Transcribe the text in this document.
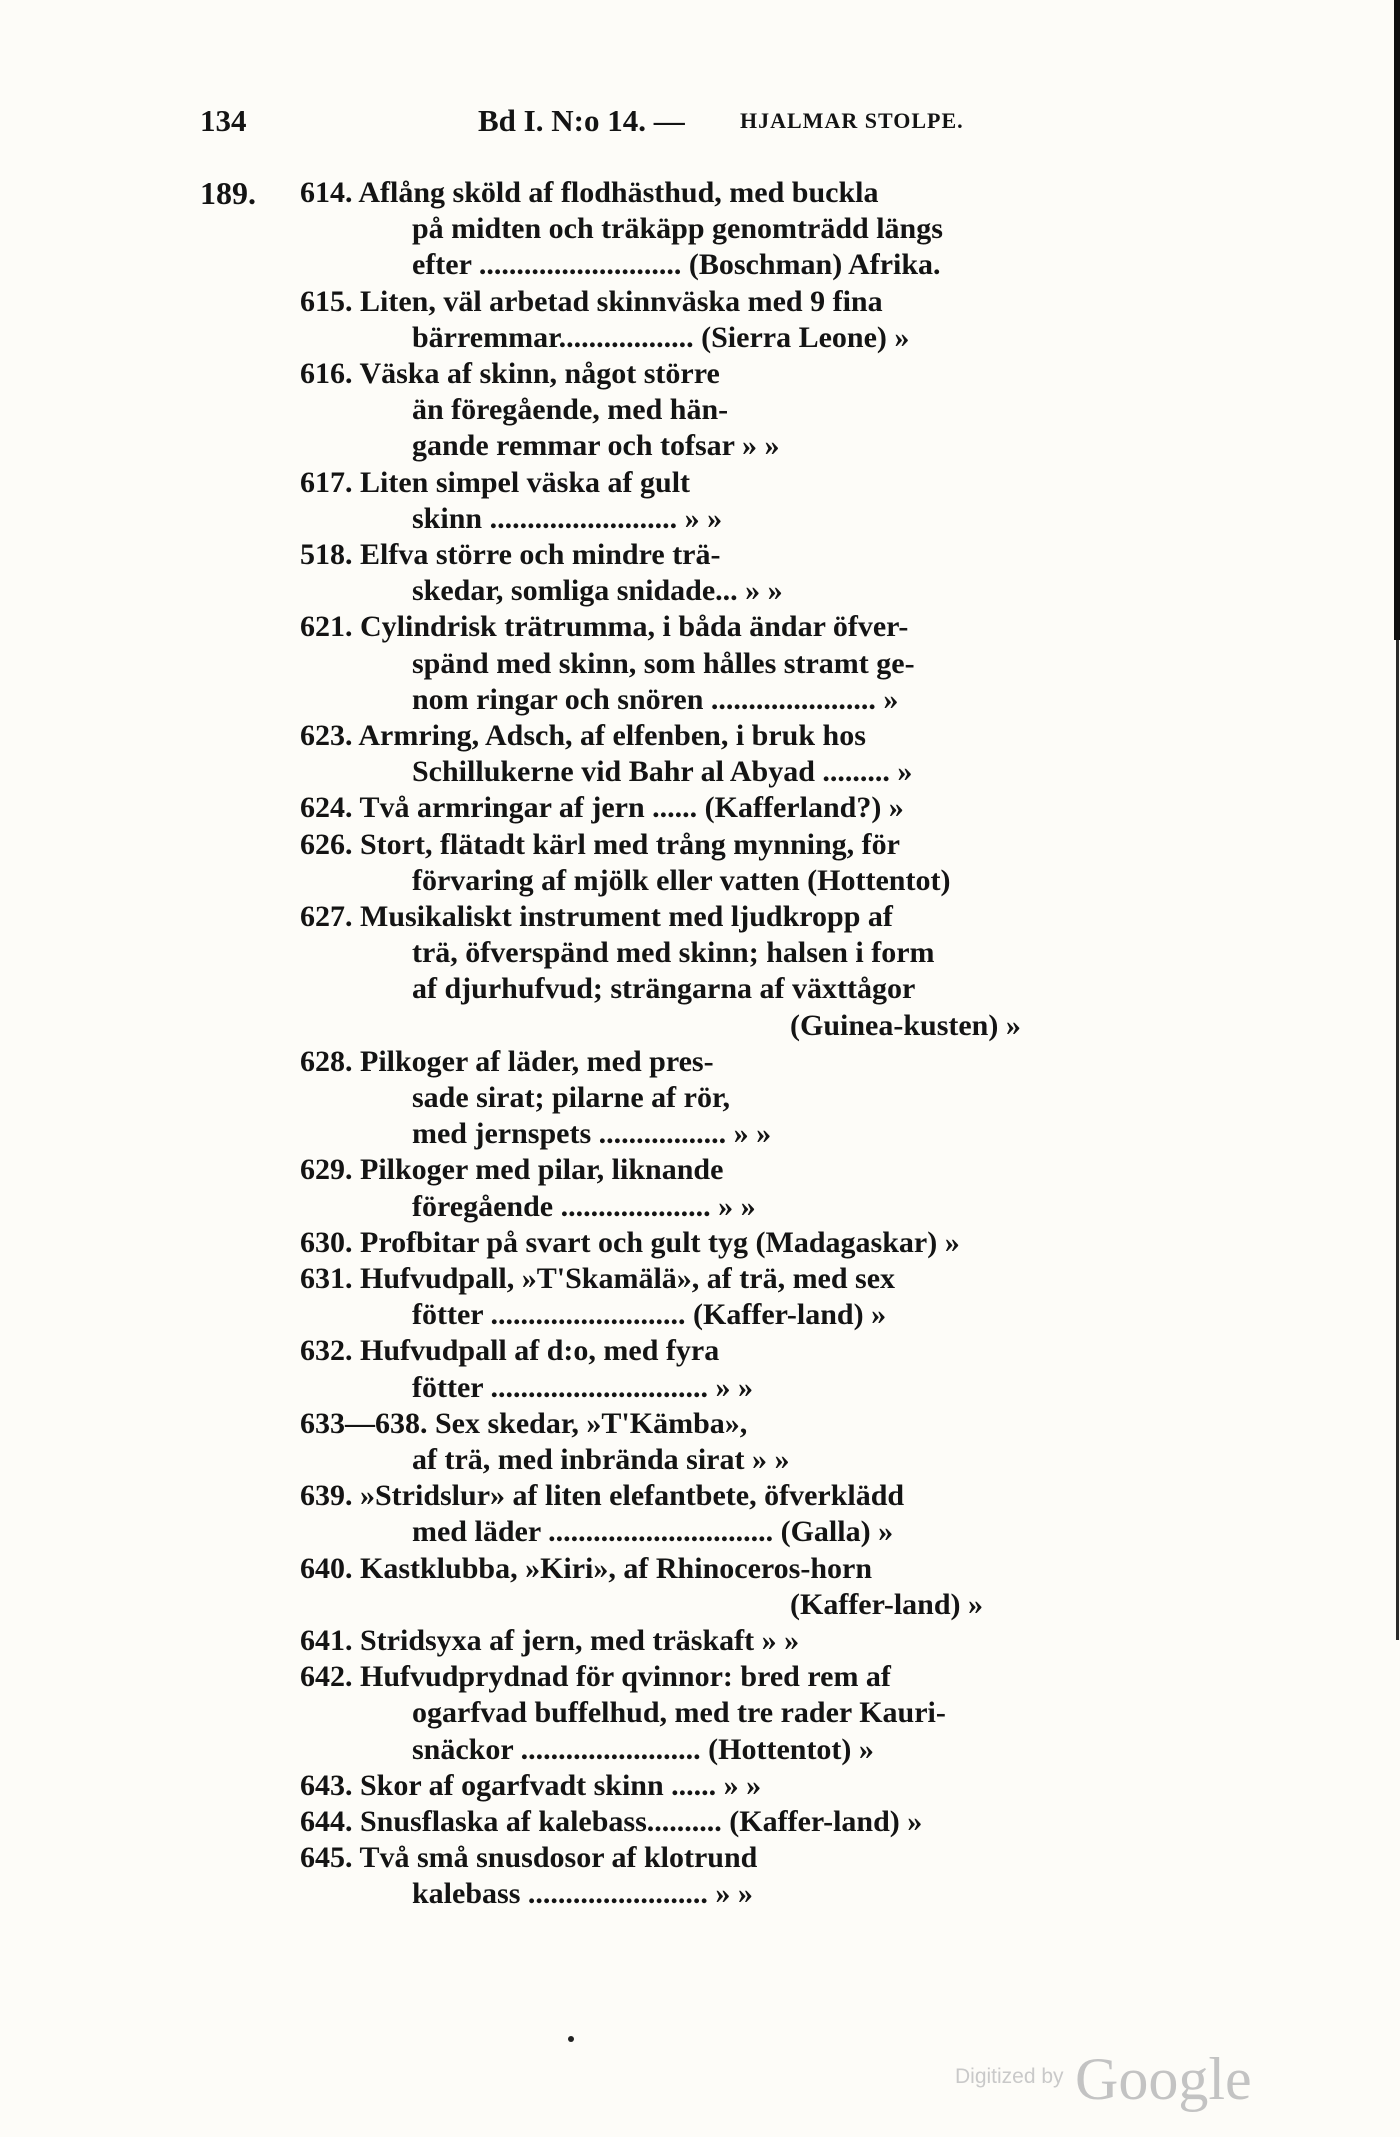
134	Bd I. N:o 14. —	HJALMAR STOLPE.
189. 614. Aflång sköld af flodhästhud, med buckla
på midten och träkäpp genomträdd längs
efter ........................... (Boschman) Afrika.
615. Liten, väl arbetad skinnväska med 9 fina
bärremmar.................. (Sierra Leone) »
616. Väska af skinn, något större
än föregående, med hän-
gande remmar och tofsar » »
617. Liten simpel väska af gult
skinn ......................... » »
518. Elfva större och mindre trä-
skedar, somliga snidade... » »
621. Cylindrisk trätrumma, i båda ändar öfver-
spänd med skinn, som hålles stramt ge-
nom ringar och snören ...................... »
623. Armring, Adsch, af elfenben, i bruk hos
Schillukerne vid Bahr al Abyad ......... »
624. Två armringar af jern ...... (Kafferland?) »
626. Stort, flätadt kärl med trång mynning, för
förvaring af mjölk eller vatten (Hottentot)
627. Musikaliskt instrument med ljudkropp af
trä, öfverspänd med skinn; halsen i form
af djurhufvud; strängarna af växttågor
(Guinea-kusten) »
628. Pilkoger af läder, med pres-
sade sirat; pilarne af rör,
med jernspets ................. » »
629. Pilkoger med pilar, liknande
föregående .................... » »
630. Profbitar på svart och gult tyg (Madagaskar) »
631. Hufvudpall, »T'Skamälä», af trä, med sex
fötter .......................... (Kaffer-land) »
632. Hufvudpall af d:o, med fyra
fötter ............................. » »
633—638. Sex skedar, »T'Kämba»,
af trä, med inbrända sirat » »
639. »Stridslur» af liten elefantbete, öfverklädd
med läder .............................. (Galla) »
640. Kastklubba, »Kiri», af Rhinoceros-horn
(Kaffer-land) »
641. Stridsyxa af jern, med träskaft » »
642. Hufvudprydnad för qvinnor: bred rem af
ogarfvad buffelhud, med tre rader Kauri-
snäckor ........................ (Hottentot) »
643. Skor af ogarfvadt skinn ...... » »
644. Snusflaska af kalebass.......... (Kaffer-land) »
645. Två små snusdosor af klotrund
kalebass ........................ » »
Digitized by Google
